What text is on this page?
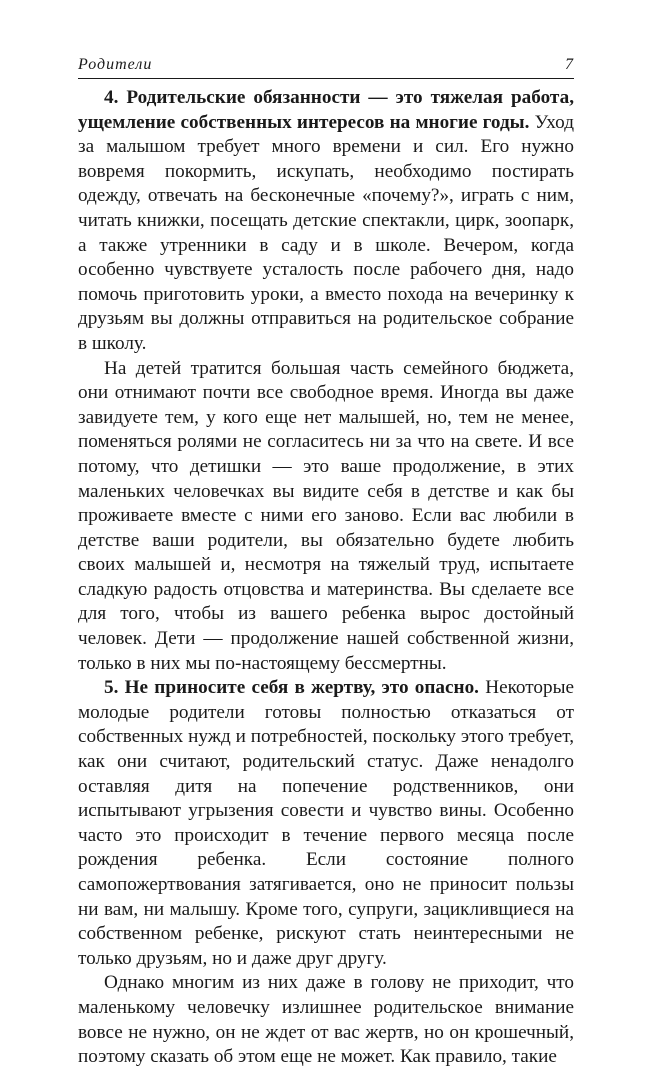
Родители	7

4. Родительские обязанности — это тяжелая работа, ущемление собственных интересов на многие годы. Уход за малышом требует много времени и сил. Его нужно вовремя покормить, искупать, необходимо постирать одежду, отвечать на бесконечные «почему?», играть с ним, читать книжки, посещать детские спектакли, цирк, зоопарк, а также утренники в саду и в школе. Вечером, когда особенно чувствуете усталость после рабочего дня, надо помочь приготовить уроки, а вместо похода на вечеринку к друзьям вы должны отправиться на родительское собрание в школу.

На детей тратится большая часть семейного бюджета, они отнимают почти все свободное время. Иногда вы даже завидуете тем, у кого еще нет малышей, но, тем не менее, поменяться ролями не согласитесь ни за что на свете. И все потому, что детишки — это ваше продолжение, в этих маленьких человечках вы видите себя в детстве и как бы проживаете вместе с ними его заново. Если вас любили в детстве ваши родители, вы обязательно будете любить своих малышей и, несмотря на тяжелый труд, испытаете сладкую радость отцовства и материнства. Вы сделаете все для того, чтобы из вашего ребенка вырос достойный человек. Дети — продолжение нашей собственной жизни, только в них мы по-настоящему бессмертны.

5. Не приносите себя в жертву, это опасно. Некоторые молодые родители готовы полностью отказаться от собственных нужд и потребностей, поскольку этого требует, как они считают, родительский статус. Даже ненадолго оставляя дитя на попечение родственников, они испытывают угрызения совести и чувство вины. Особенно часто это происходит в течение первого месяца после рождения ребенка. Если состояние полного самопожертвования затягивается, оно не приносит пользы ни вам, ни малышу. Кроме того, супруги, зацикливщиеся на собственном ребенке, рискуют стать неинтересными не только друзьям, но и даже друг другу.

Однако многим из них даже в голову не приходит, что маленькому человечку излишнее родительское внимание вовсе не нужно, он не ждет от вас жертв, но он крошечный, поэтому сказать об этом еще не может. Как правило, такие
